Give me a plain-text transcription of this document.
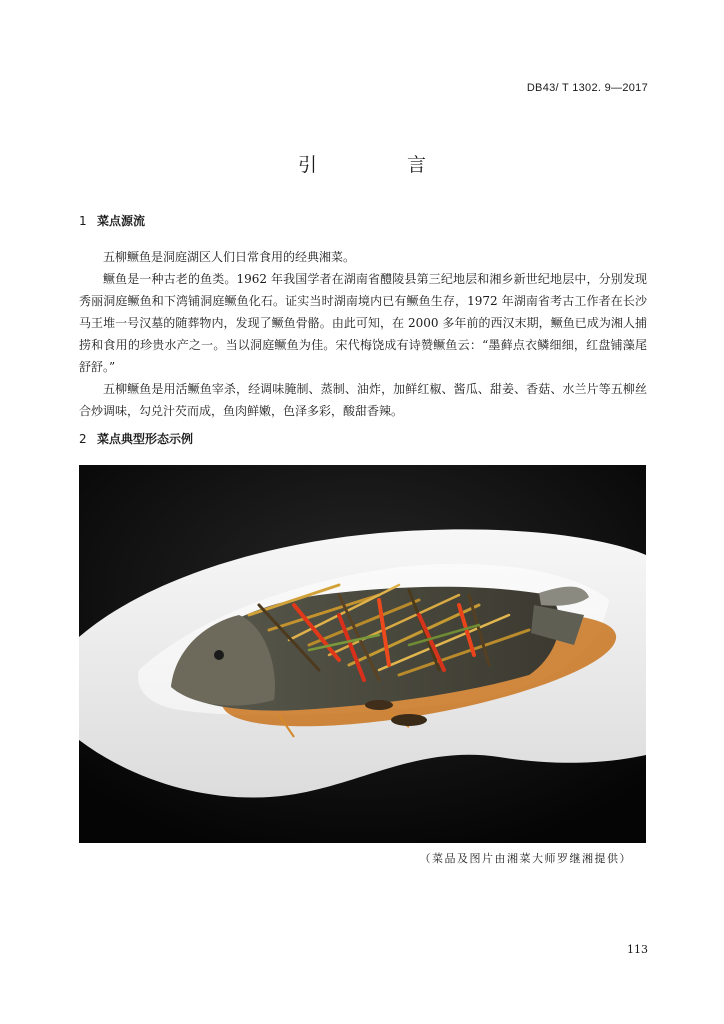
DB43/ T 1302. 9—2017
引 言
1 菜点源流

五柳鳜鱼是洞庭湖区人们日常食用的经典湘菜。

鳜鱼是一种古老的鱼类。1962 年我国学者在湖南省醴陵县第三纪地层和湘乡新世纪地层中，分别发现秀丽洞庭鳜鱼和下湾铺洞庭鳜鱼化石。证实当时湖南境内已有鳜鱼生存，1972 年湖南省考古工作者在长沙马王堆一号汉墓的随葬物内，发现了鳜鱼骨骼。由此可知，在 2000 多年前的西汉末期，鳜鱼已成为湘人捕捞和食用的珍贵水产之一。当以洞庭鳜鱼为佳。宋代梅饶成有诗赞鳜鱼云：“墨藓点衣鳞细细，红盘铺藻尾舒舒。”

五柳鳜鱼是用活鳜鱼宰杀，经调味腌制、蒸制、油炸，加鲜红椒、酱瓜、甜姜、香菇、水兰片等五柳丝合炒调味，勾兑汁芡而成，鱼肉鲜嫩，色泽多彩，酸甜香辣。

2 菜点典型形态示例
（菜品及图片由湘菜大师罗继湘提供）
113
